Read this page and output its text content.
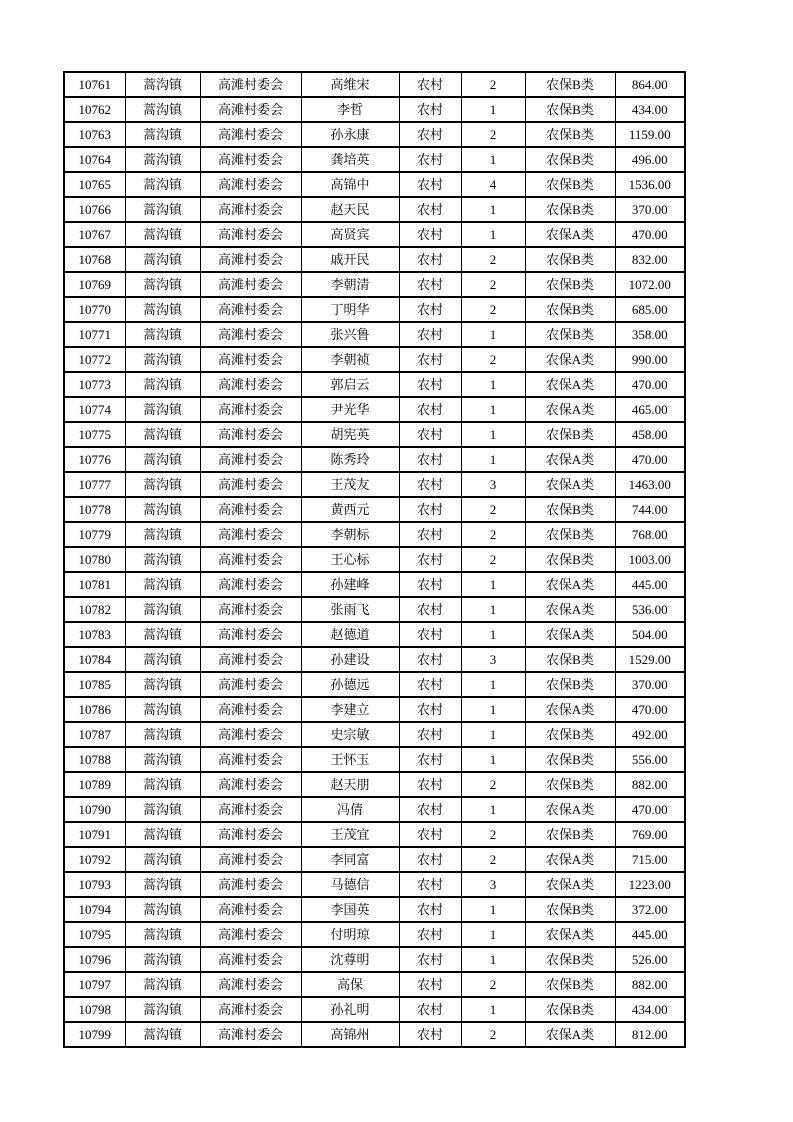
10761	蒿沟镇	高滩村委会	高维宋	农村	2	农保B类	864.00
10762	蒿沟镇	高滩村委会	李哲	农村	1	农保B类	434.00
10763	蒿沟镇	高滩村委会	孙永康	农村	2	农保B类	1159.00
10764	蒿沟镇	高滩村委会	龚培英	农村	1	农保B类	496.00
10765	蒿沟镇	高滩村委会	高锦中	农村	4	农保B类	1536.00
10766	蒿沟镇	高滩村委会	赵天民	农村	1	农保B类	370.00
10767	蒿沟镇	高滩村委会	高贤宾	农村	1	农保A类	470.00
10768	蒿沟镇	高滩村委会	戚开民	农村	2	农保B类	832.00
10769	蒿沟镇	高滩村委会	李朝清	农村	2	农保B类	1072.00
10770	蒿沟镇	高滩村委会	丁明华	农村	2	农保B类	685.00
10771	蒿沟镇	高滩村委会	张兴鲁	农村	1	农保B类	358.00
10772	蒿沟镇	高滩村委会	李朝祯	农村	2	农保A类	990.00
10773	蒿沟镇	高滩村委会	郭启云	农村	1	农保A类	470.00
10774	蒿沟镇	高滩村委会	尹光华	农村	1	农保A类	465.00
10775	蒿沟镇	高滩村委会	胡宪英	农村	1	农保B类	458.00
10776	蒿沟镇	高滩村委会	陈秀玲	农村	1	农保A类	470.00
10777	蒿沟镇	高滩村委会	王茂友	农村	3	农保A类	1463.00
10778	蒿沟镇	高滩村委会	黄西元	农村	2	农保B类	744.00
10779	蒿沟镇	高滩村委会	李朝标	农村	2	农保B类	768.00
10780	蒿沟镇	高滩村委会	王心标	农村	2	农保B类	1003.00
10781	蒿沟镇	高滩村委会	孙建峰	农村	1	农保A类	445.00
10782	蒿沟镇	高滩村委会	张雨飞	农村	1	农保A类	536.00
10783	蒿沟镇	高滩村委会	赵德道	农村	1	农保A类	504.00
10784	蒿沟镇	高滩村委会	孙建设	农村	3	农保B类	1529.00
10785	蒿沟镇	高滩村委会	孙德远	农村	1	农保B类	370.00
10786	蒿沟镇	高滩村委会	李建立	农村	1	农保A类	470.00
10787	蒿沟镇	高滩村委会	史宗敏	农村	1	农保B类	492.00
10788	蒿沟镇	高滩村委会	王怀玉	农村	1	农保B类	556.00
10789	蒿沟镇	高滩村委会	赵天朋	农村	2	农保B类	882.00
10790	蒿沟镇	高滩村委会	冯倩	农村	1	农保A类	470.00
10791	蒿沟镇	高滩村委会	王茂宜	农村	2	农保B类	769.00
10792	蒿沟镇	高滩村委会	李同富	农村	2	农保A类	715.00
10793	蒿沟镇	高滩村委会	马德信	农村	3	农保A类	1223.00
10794	蒿沟镇	高滩村委会	李国英	农村	1	农保B类	372.00
10795	蒿沟镇	高滩村委会	付明琼	农村	1	农保A类	445.00
10796	蒿沟镇	高滩村委会	沈尊明	农村	1	农保B类	526.00
10797	蒿沟镇	高滩村委会	高保	农村	2	农保B类	882.00
10798	蒿沟镇	高滩村委会	孙礼明	农村	1	农保B类	434.00
10799	蒿沟镇	高滩村委会	高锦州	农村	2	农保A类	812.00
